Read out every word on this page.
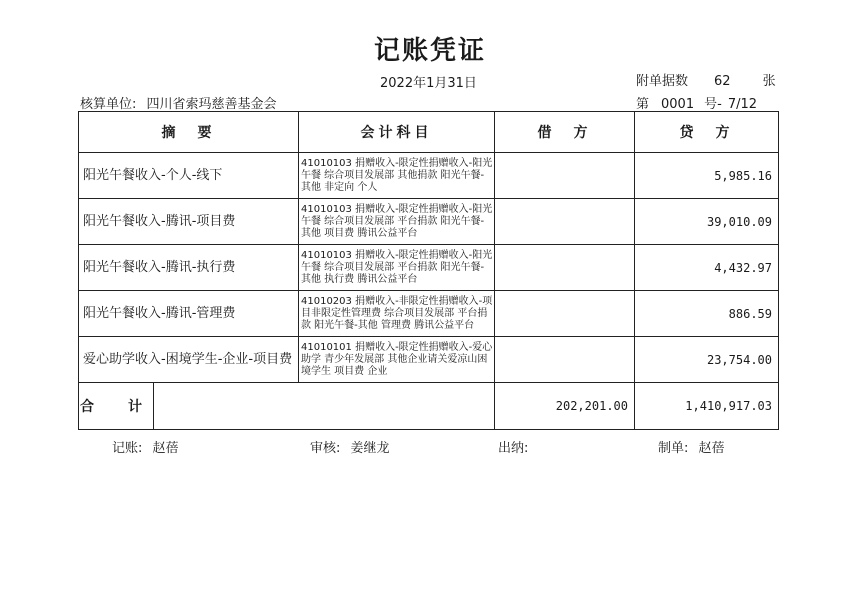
记账凭证
2022年1月31日	附单据数 62 张
核算单位: 四川省索玛慈善基金会	第 0001 号- 7/12
摘　要	会计科目	借　方	贷　方
阳光午餐收入-个人-线下	41010103 捐赠收入-限定性捐赠收入-阳光午餐 综合项目发展部 其他捐款 阳光午餐-其他 非定向 个人		5,985.16
阳光午餐收入-腾讯-项目费	41010103 捐赠收入-限定性捐赠收入-阳光午餐 综合项目发展部 平台捐款 阳光午餐-其他 项目费 腾讯公益平台		39,010.09
阳光午餐收入-腾讯-执行费	41010103 捐赠收入-限定性捐赠收入-阳光午餐 综合项目发展部 平台捐款 阳光午餐-其他 执行费 腾讯公益平台		4,432.97
阳光午餐收入-腾讯-管理费	41010203 捐赠收入-非限定性捐赠收入-项目非限定性管理费 综合项目发展部 平台捐款 阳光午餐-其他 管理费 腾讯公益平台		886.59
爱心助学收入-困境学生-企业-项目费	41010101 捐赠收入-限定性捐赠收入-爱心助学 青少年发展部 其他企业请关爱凉山困境学生 项目费 企业		23,754.00

合　计		202,201.00	1,410,917.03
记账: 赵蓓	审核: 姜继龙	出纳:	制单: 赵蓓
